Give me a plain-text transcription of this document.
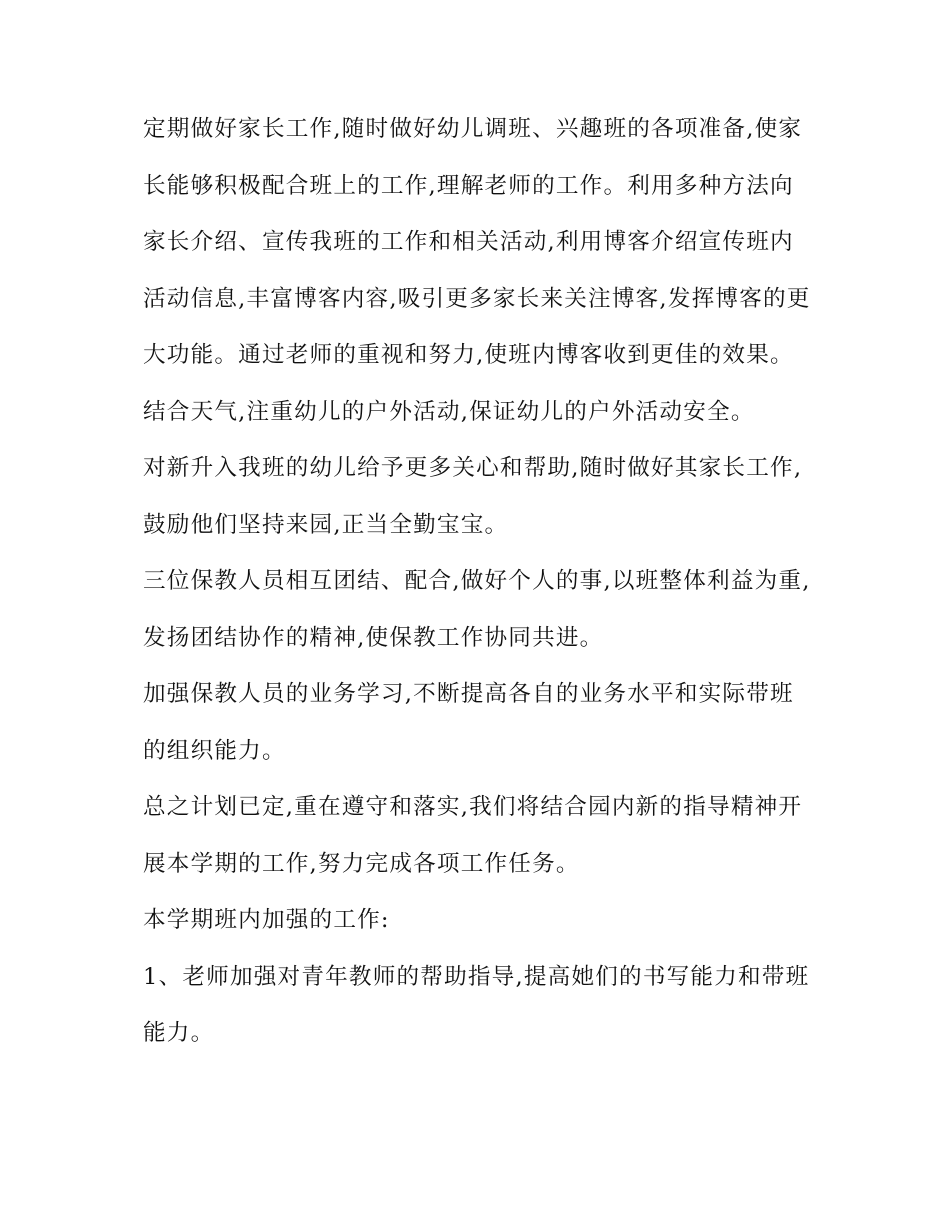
定期做好家长工作,随时做好幼儿调班、兴趣班的各项准备,使家长能够积极配合班上的工作,理解老师的工作。利用多种方法向家长介绍、宣传我班的工作和相关活动,利用博客介绍宣传班内活动信息,丰富博客内容,吸引更多家长来关注博客,发挥博客的更大功能。通过老师的重视和努力,使班内博客收到更佳的效果。

结合天气,注重幼儿的户外活动,保证幼儿的户外活动安全。

对新升入我班的幼儿给予更多关心和帮助,随时做好其家长工作,鼓励他们坚持来园,正当全勤宝宝。

三位保教人员相互团结、配合,做好个人的事,以班整体利益为重,发扬团结协作的精神,使保教工作协同共进。

加强保教人员的业务学习,不断提高各自的业务水平和实际带班的组织能力。

总之计划已定,重在遵守和落实,我们将结合园内新的指导精神开展本学期的工作,努力完成各项工作任务。

本学期班内加强的工作:

1、老师加强对青年教师的帮助指导,提高她们的书写能力和带班能力。
